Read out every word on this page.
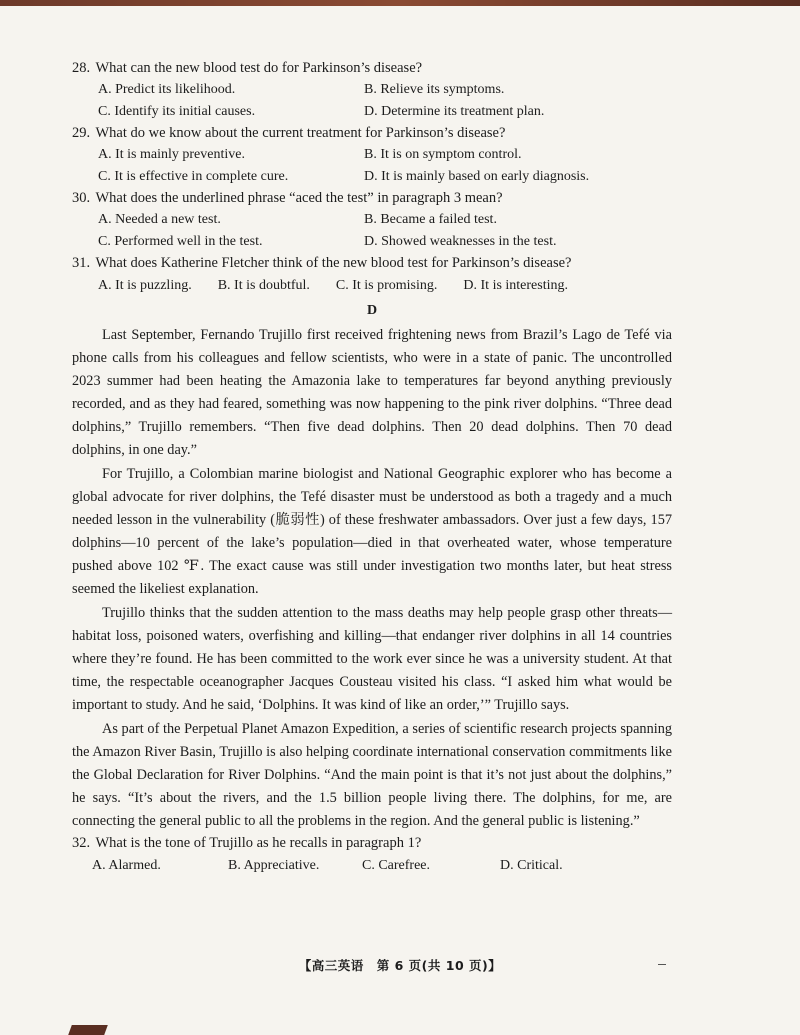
28. What can the new blood test do for Parkinson’s disease?

A. Predict its likelihood.	B. Relieve its symptoms.
C. Identify its initial causes.	D. Determine its treatment plan.

29. What do we know about the current treatment for Parkinson’s disease?

A. It is mainly preventive.	B. It is on symptom control.
C. It is effective in complete cure.	D. It is mainly based on early diagnosis.

30. What does the underlined phrase “aced the test” in paragraph 3 mean?

A. Needed a new test.	B. Became a failed test.
C. Performed well in the test.	D. Showed weaknesses in the test.

31. What does Katherine Fletcher think of the new blood test for Parkinson’s disease?

A. It is puzzling. B. It is doubtful. C. It is promising. D. It is interesting.
D

Last September, Fernando Trujillo first received frightening news from Brazil’s Lago de Tefé via phone calls from his colleagues and fellow scientists, who were in a state of panic. The uncontrolled 2023 summer had been heating the Amazonia lake to temperatures far beyond anything previously recorded, and as they had feared, something was now happening to the pink river dolphins. “Three dead dolphins,” Trujillo remembers. “Then five dead dolphins. Then 20 dead dolphins. Then 70 dead dolphins, in one day.”

For Trujillo, a Colombian marine biologist and National Geographic explorer who has become a global advocate for river dolphins, the Tefé disaster must be understood as both a tragedy and a much needed lesson in the vulnerability (脆弱性) of these freshwater ambassadors. Over just a few days, 157 dolphins—10 percent of the lake’s population—died in that overheated water, whose temperature pushed above 102 ℉. The exact cause was still under investigation two months later, but heat stress seemed the likeliest explanation.

Trujillo thinks that the sudden attention to the mass deaths may help people grasp other threats—habitat loss, poisoned waters, overfishing and killing—that endanger river dolphins in all 14 countries where they’re found. He has been committed to the work ever since he was a university student. At that time, the respectable oceanographer Jacques Cousteau visited his class. “I asked him what would be important to study. And he said, ‘Dolphins. It was kind of like an order,’” Trujillo says.

As part of the Perpetual Planet Amazon Expedition, a series of scientific research projects spanning the Amazon River Basin, Trujillo is also helping coordinate international conservation commitments like the Global Declaration for River Dolphins. “And the main point is that it’s not just about the dolphins,” he says. “It’s about the rivers, and the 1.5 billion people living there. The dolphins, for me, are connecting the general public to all the problems in the region. And the general public is listening.”

32. What is the tone of Trujillo as he recalls in paragraph 1?

A. Alarmed.	B. Appreciative.	C. Carefree.	D. Critical.
【高三英语　第 6 页(共 10 页)】
